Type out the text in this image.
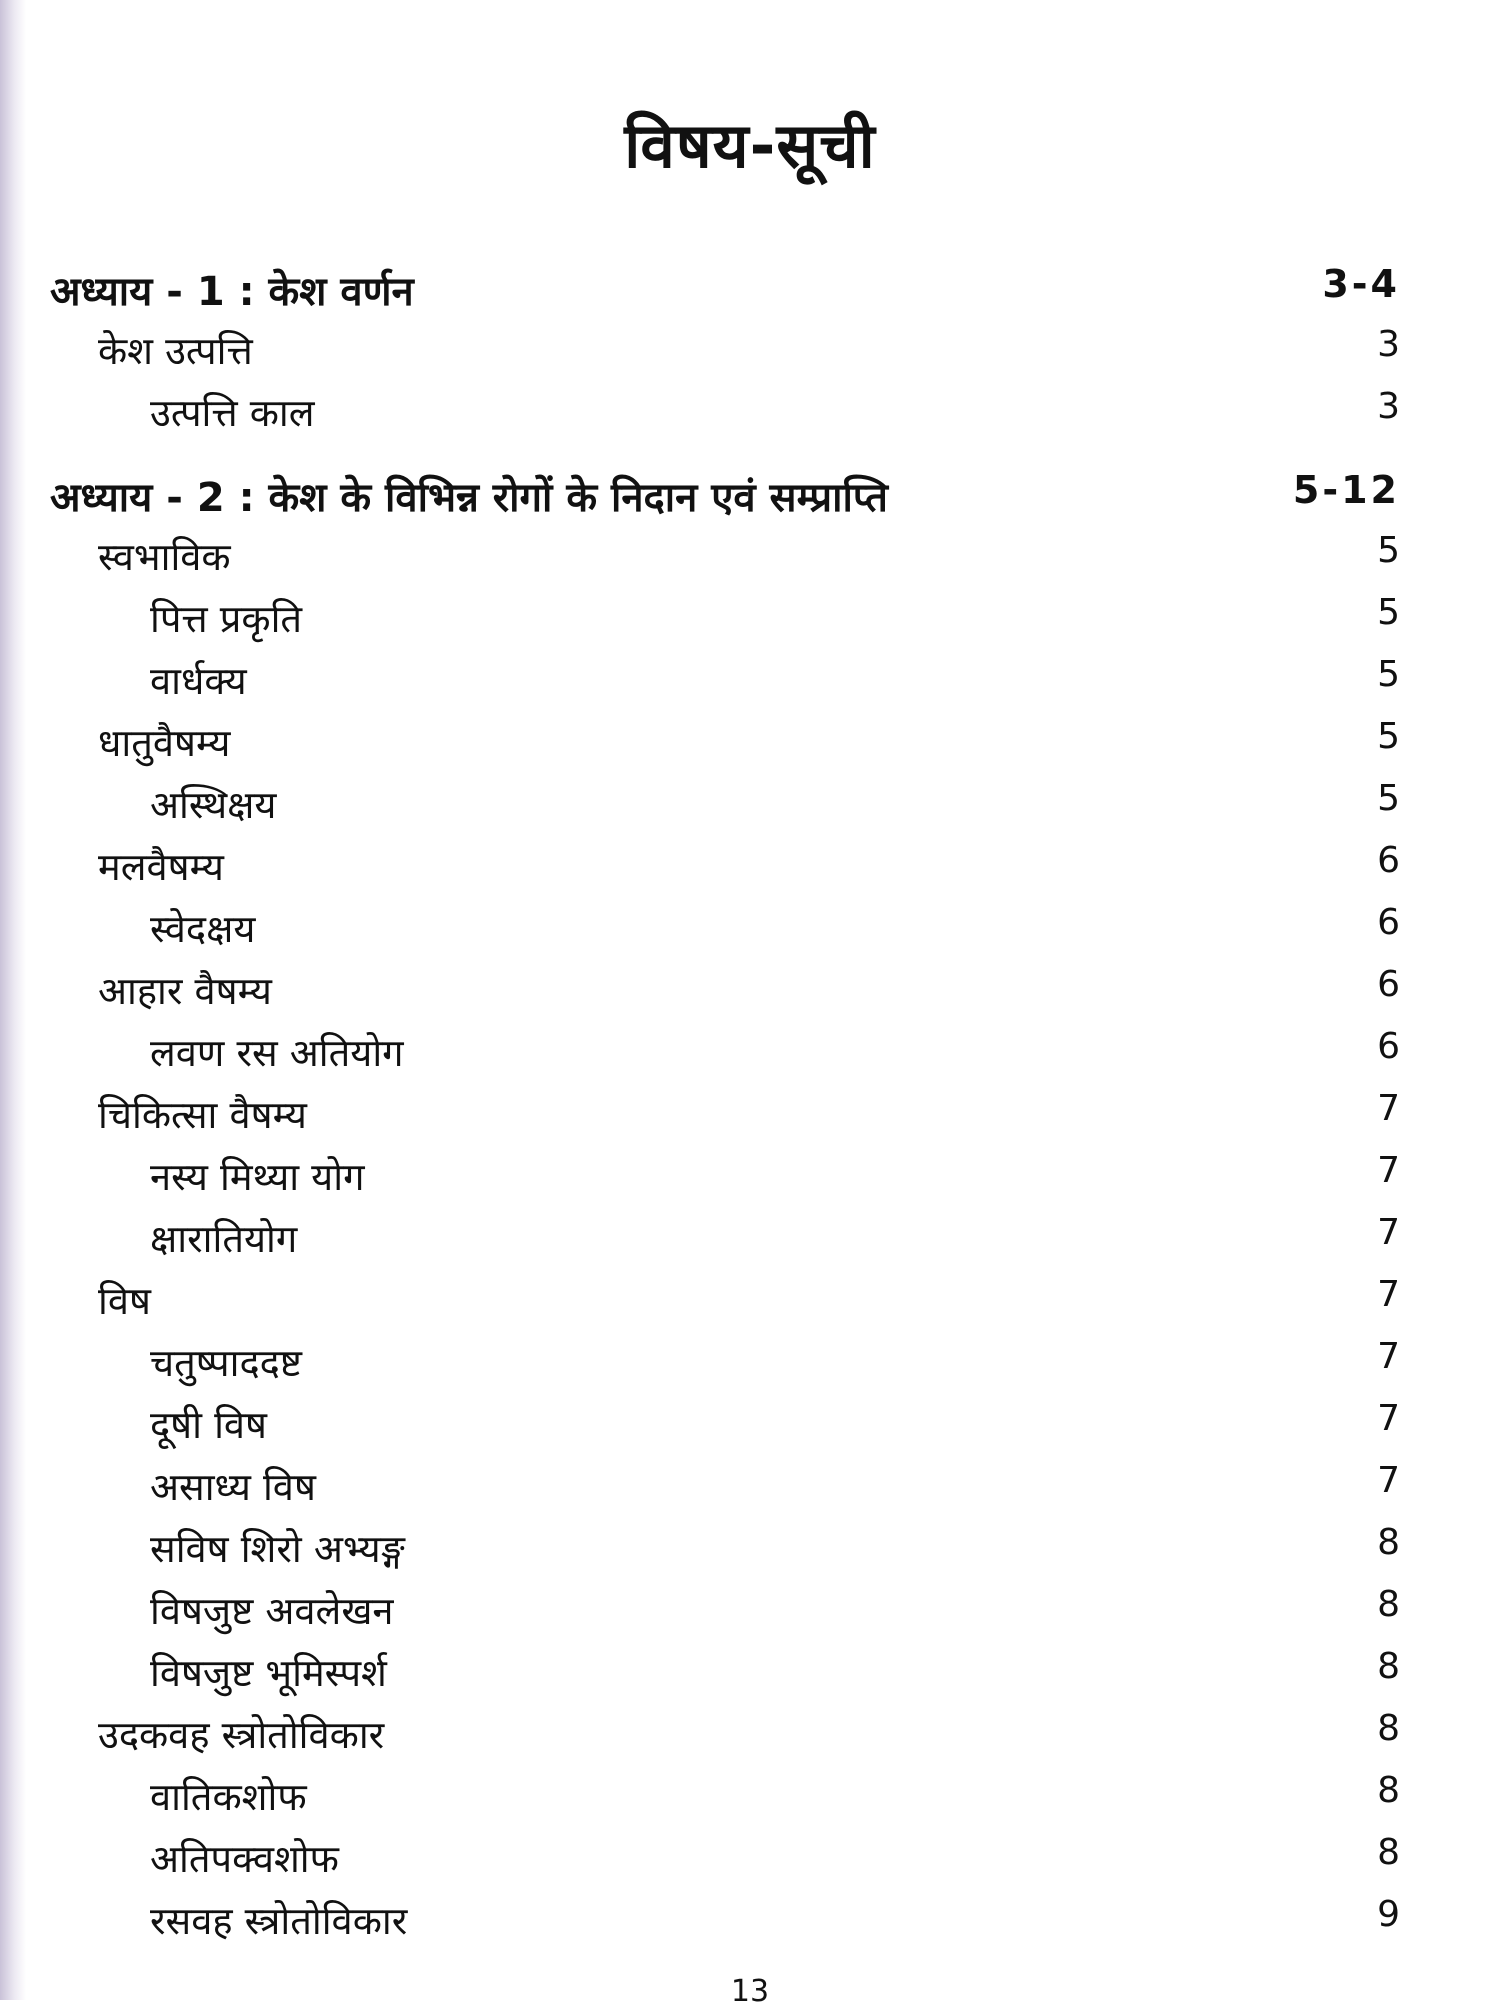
विषय-सूची
अध्याय - 1 : केश वर्णन	3-4
केश उत्पत्ति	3
उत्पत्ति काल	3
अध्याय - 2 : केश के विभिन्न रोगों के निदान एवं सम्प्राप्ति	5-12
स्वभाविक	5
पित्त प्रकृति	5
वार्धक्य	5
धातुवैषम्य	5
अस्थिक्षय	5
मलवैषम्य	6
स्वेदक्षय	6
आहार वैषम्य	6
लवण रस अतियोग	6
चिकित्सा वैषम्य	7
नस्य मिथ्या योग	7
क्षारातियोग	7
विष	7
चतुष्पाददष्ट	7
दूषी विष	7
असाध्य विष	7
सविष शिरो अभ्यङ्ग	8
विषजुष्ट अवलेखन	8
विषजुष्ट भूमिस्पर्श	8
उदकवह स्त्रोतोविकार	8
वातिकशोफ	8
अतिपक्वशोफ	8
रसवह स्त्रोतोविकार	9
13
